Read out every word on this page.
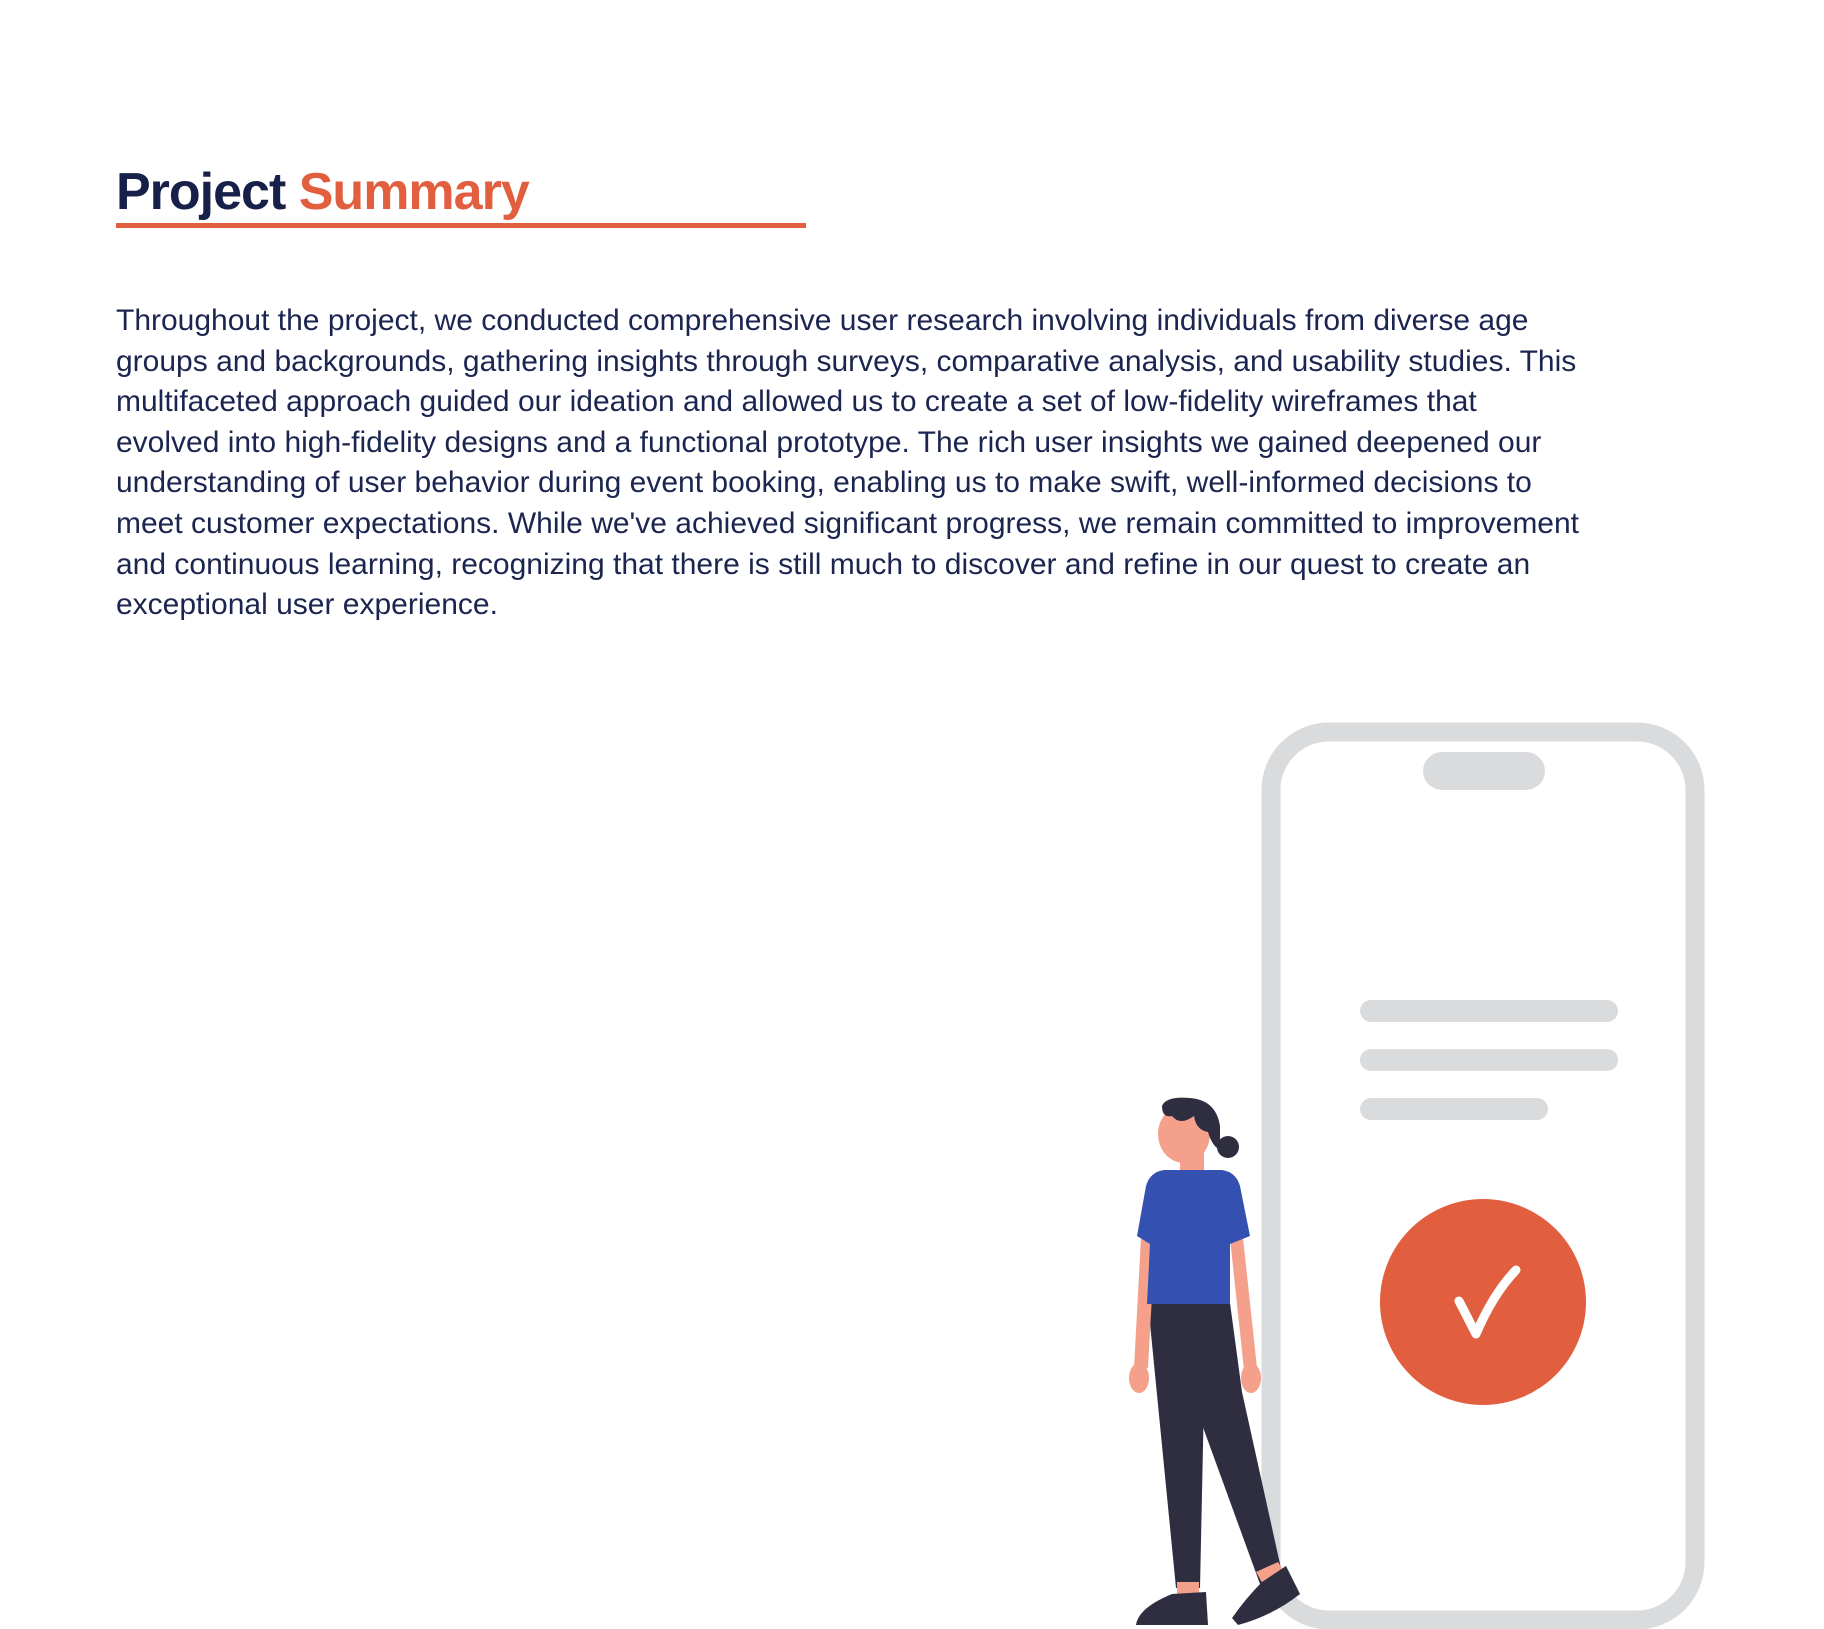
Project Summary

Throughout the project, we conducted comprehensive user research involving individuals from diverse age
groups and backgrounds, gathering insights through surveys, comparative analysis, and usability studies. This
multifaceted approach guided our ideation and allowed us to create a set of low-fidelity wireframes that
evolved into high-fidelity designs and a functional prototype. The rich user insights we gained deepened our
understanding of user behavior during event booking, enabling us to make swift, well-informed decisions to
meet customer expectations. While we've achieved significant progress, we remain committed to improvement
and continuous learning, recognizing that there is still much to discover and refine in our quest to create an
exceptional user experience.
